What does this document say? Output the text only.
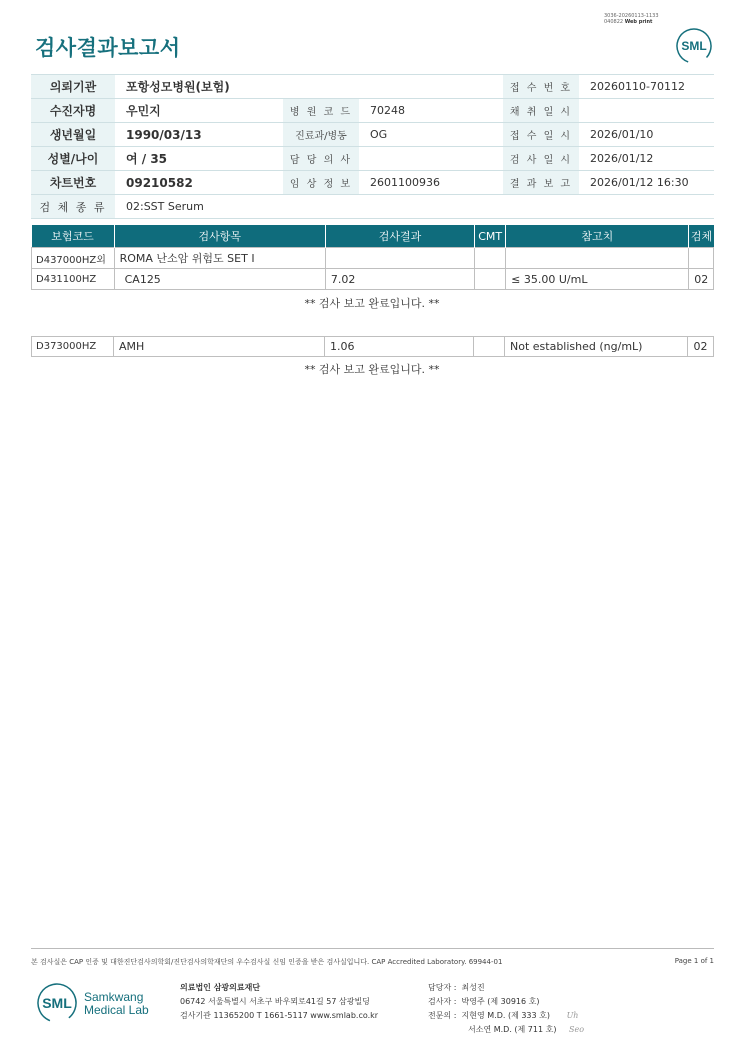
검사결과보고서
3036-20260113-1133
040822 Web print
SML
의뢰기관	포항성모병원(보험)			접 수 번 호	20260110-70112
수진자명	우민지	병 원 코 드	70248	채 취 일 시	
생년월일	1990/03/13	진료과/병동	OG	접 수 일 시	2026/01/10
성별/나이	여 / 35	담 당 의 사		검 사 일 시	2026/01/12
차트번호	09210582	임 상 정 보	2601100936	결 과 보 고	2026/01/12 16:30
검 체 종 류	02:SST Serum				
보험코드	검사항목	검사결과	CMT	참고치	검체
D437000HZ외	ROMA 난소암 위험도 SET I				
D431100HZ	CA125	7.02		≤ 35.00 U/mL	02
** 검사 보고 완료입니다. **
D373000HZ	AMH	1.06		Not established (ng/mL)	02
** 검사 보고 완료입니다. **
본 검사실은 CAP 인증 및 대한진단검사의학회/진단검사의학재단의 우수검사실 신임 인증을 받은 검사실입니다. CAP Accredited Laboratory. 69944-01	Page 1 of 1
SML Samkwang
Medical Lab
의료법인 삼광의료재단
06742 서울특별시 서초구 바우뫼로41길 57 삼광빌딩
검사기관 11365200 T 1661-5117 www.smlab.co.kr
담당자 : 최성진
검사자 : 박영주 (제 30916 호)
전문의 : 지현영 M.D. (제 333 호) Uh
서소연 M.D. (제 711 호) Seo
